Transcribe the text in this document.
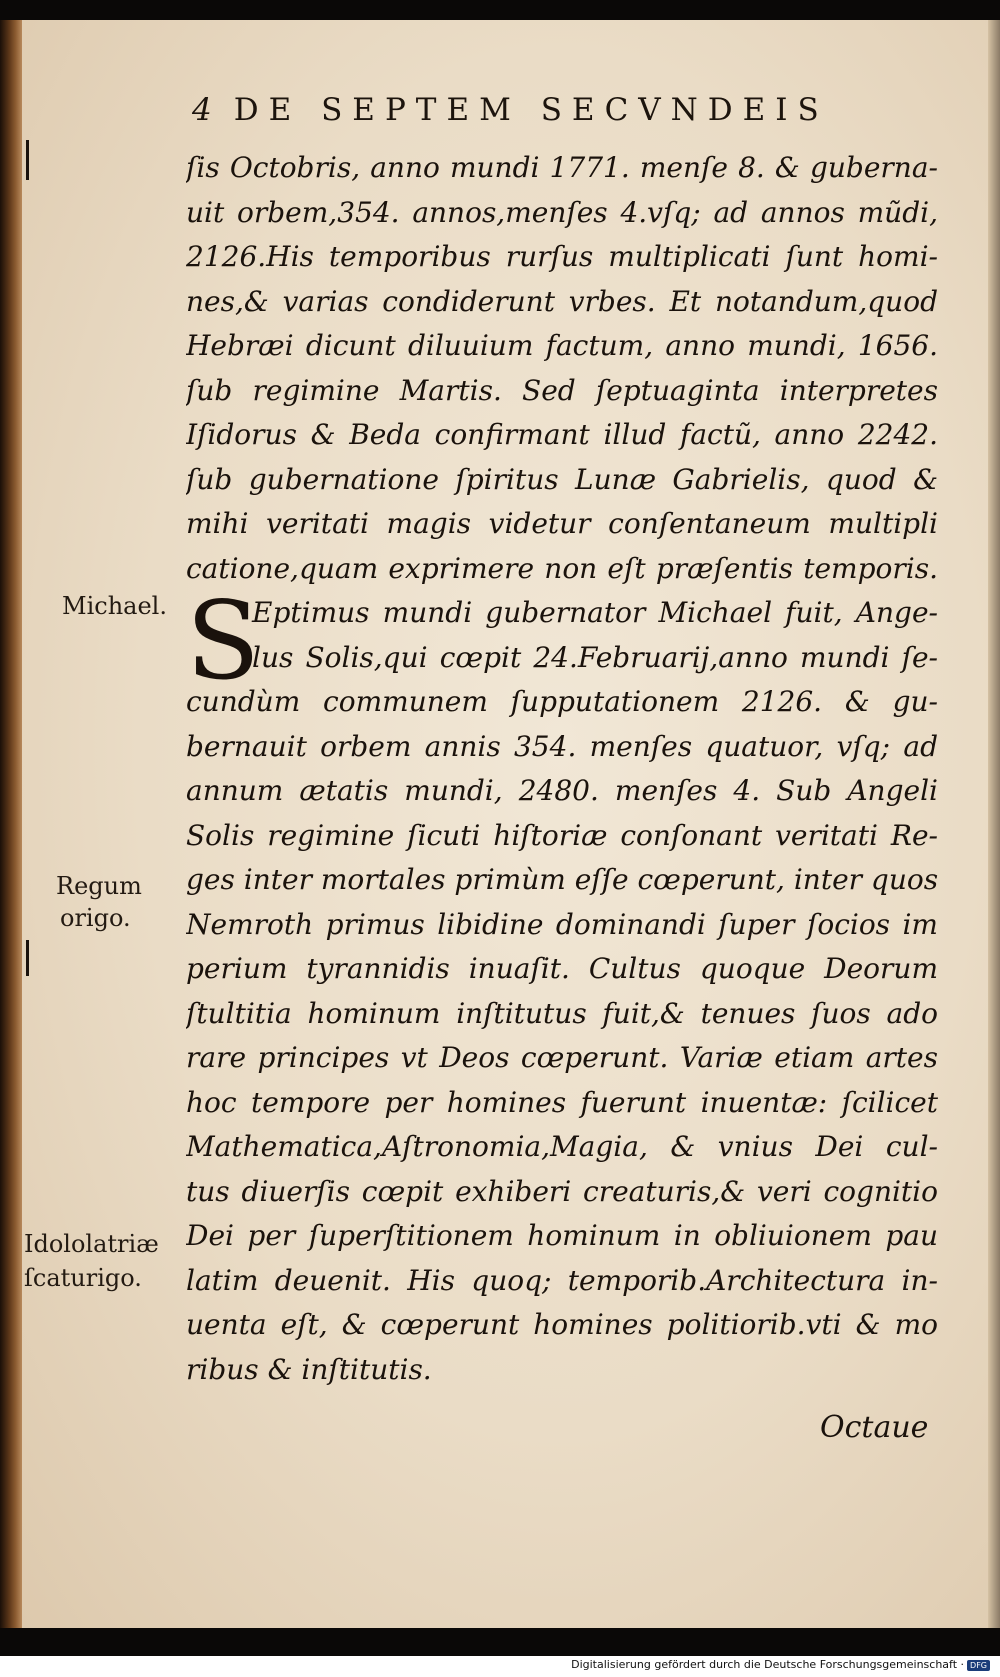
4 DE SEPTEM SECVNDEIS
S
ſis Octobris, anno mundi 1771. menſe 8. & guberna-
uit orbem,354. annos,menſes 4.vſq; ad annos mũdi,
2126.His temporibus rurſus multiplicati ſunt homi-
nes,& varias condiderunt vrbes. Et notandum,quod
Hebræi dicunt diluuium factum, anno mundi, 1656.
ſub regimine Martis. Sed ſeptuaginta interpretes
Iſidorus & Beda confirmant illud factũ, anno 2242.
ſub gubernatione ſpiritus Lunæ Gabrielis, quod &
mihi veritati magis videtur conſentaneum multipli
catione,quam exprimere non eſt præſentis temporis.
Eptimus mundi gubernator Michael fuit, Ange-
lus Solis,qui cœpit 24.Februarij,anno mundi ſe-
cundùm communem ſupputationem 2126. & gu-
bernauit orbem annis 354. menſes quatuor, vſq; ad
annum ætatis mundi, 2480. menſes 4. Sub Angeli
Solis regimine ſicuti hiſtoriæ conſonant veritati Re-
ges inter mortales primùm eſſe cœperunt, inter quos
Nemroth primus libidine dominandi ſuper ſocios im
perium tyrannidis inuaſit. Cultus quoque Deorum
ſtultitia hominum inſtitutus fuit,& tenues ſuos ado
rare principes vt Deos cœperunt. Variæ etiam artes
hoc tempore per homines fuerunt inuentæ: ſcilicet
Mathematica,Aſtronomia,Magia, & vnius Dei cul-
tus diuerſis cœpit exhiberi creaturis,& veri cognitio
Dei per ſuperſtitionem hominum in obliuionem pau
latim deuenit. His quoq; temporib.Architectura in-
uenta eſt, & cœperunt homines politiorib.vti & mo
ribus & inſtitutis.
Michael.
Regum
origo.
Idololatriæ
ſcaturigo.
Octaue
Digitalisierung gefördert durch die Deutsche Forschungsgemeinschaft · DFG
